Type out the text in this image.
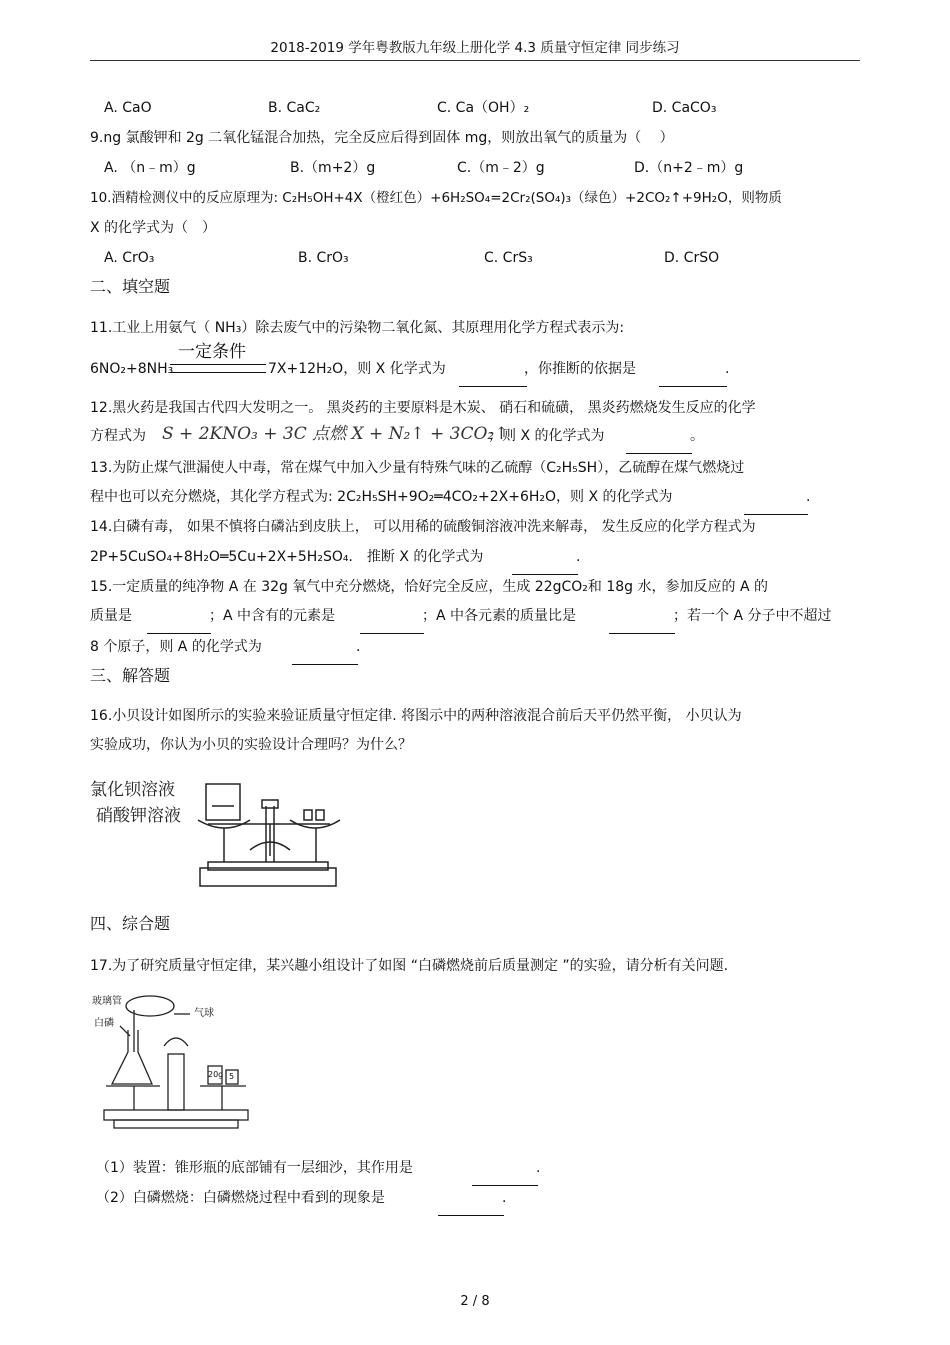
2018-2019 学年粤教版九年级上册化学 4.3 质量守恒定律 同步练习
A. CaO	B. CaC₂	C. Ca（OH）₂	D. CaCO₃
9.ng 氯酸钾和 2g 二氧化锰混合加热，完全反应后得到固体 mg，则放出氧气的质量为（　 ）
A. （n﹣m）g	B.（m+2）g	C.（m﹣2）g	D.（n+2﹣m）g
10.酒精检测仪中的反应原理为: C₂H₅OH+4X（橙红色）+6H₂SO₄=2Cr₂(SO₄)₃（绿色）+2CO₂↑+9H₂O，则物质
X 的化学式为（　）
A. CrO₃	B. CrO₃	C. CrS₃	D. CrSO
二、填空题
11.工业上用氨气（ NH₃）除去废气中的污染物二氧化氮、其原理用化学方程式表示为:
一定条件
6NO₂+8NH₃	7X+12H₂O，则 X 化学式为	，你推断的依据是	.
12.黑火药是我国古代四大发明之一。 黑炎药的主要原料是木炭、 硝石和硫磺， 黑炎药燃烧发生反应的化学
方程式为 S + 2KNO₃ + 3C 点燃 X + N₂↑ + 3CO₂↑
；则 X 的化学式为	。
13.为防止煤气泄漏使人中毒，常在煤气中加入少量有特殊气味的乙硫醇（C₂H₅SH），乙硫醇在煤气燃烧过
程中也可以充分燃烧，其化学方程式为: 2C₂H₅SH+9O₂═4CO₂+2X+6H₂O，则 X 的化学式为	.
14.白磷有毒， 如果不慎将白磷沾到皮肤上， 可以用稀的硫酸铜溶液冲洗来解毒， 发生反应的化学方程式为
2P+5CuSO₄+8H₂O═5Cu+2X+5H₂SO₄． 推断 X 的化学式为	.
15.一定质量的纯净物 A 在 32g 氧气中充分燃烧，恰好完全反应，生成 22gCO₂和 18g 水，参加反应的 A 的
质量是	；A 中含有的元素是	；A 中各元素的质量比是	；若一个 A 分子中不超过
8 个原子，则 A 的化学式为	.
三、解答题
16.小贝设计如图所示的实验来验证质量守恒定律. 将图示中的两种溶液混合前后天平仍然平衡， 小贝认为
实验成功，你认为小贝的实验设计合理吗？为什么？
氯化钡溶液
硝酸钾溶液
四、综合题
17.为了研究质量守恒定律，某兴趣小组设计了如图 “白磷燃烧前后质量测定 ”的实验，请分析有关问题.
玻璃管
气球
白磷
20g 5
（1）装置：锥形瓶的底部铺有一层细沙，其作用是	.
（2）白磷燃烧：白磷燃烧过程中看到的现象是	.
2 / 8
